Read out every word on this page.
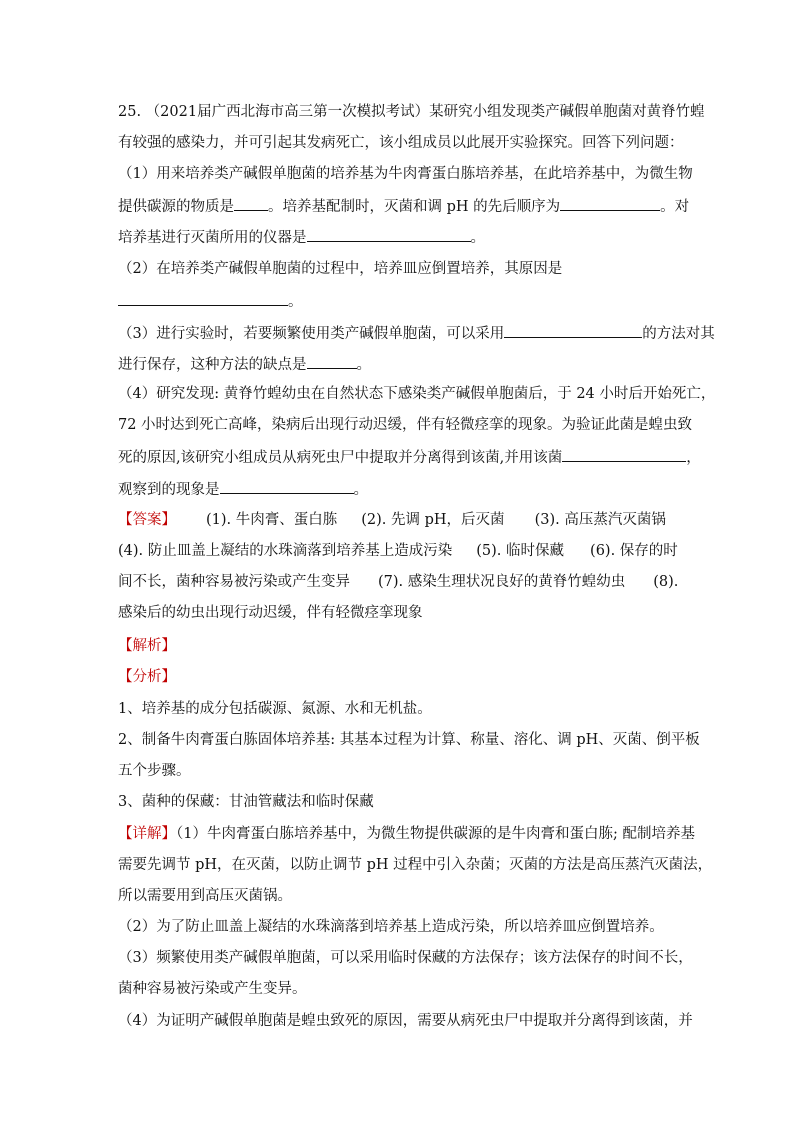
25. （2021届广西北海市高三第一次模拟考试）某研究小组发现类产碱假单胞菌对黄脊竹蝗
有较强的感染力，并可引起其发病死亡，该小组成员以此展开实验探究。回答下列问题：
（1）用来培养类产碱假单胞菌的培养基为牛肉膏蛋白胨培养基，在此培养基中，为微生物
提供碳源的物质是 。培养基配制时，灭菌和调 pH 的先后顺序为	。对
培养基进行灭菌所用的仪器是	。
（2）在培养类产碱假单胞菌的过程中，培养皿应倒置培养，其原因是
。
（3）进行实验时，若要频繁使用类产碱假单胞菌，可以采用	的方法对其
进行保存，这种方法的缺点是	。
（4）研究发现: 黄脊竹蝗幼虫在自然状态下感染类产碱假单胞菌后，于 24 小时后开始死亡，
72 小时达到死亡高峰，染病后出现行动迟缓，伴有轻微痉挛的现象。为验证此菌是蝗虫致
死的原因,该研究小组成员从病死虫尸中提取并分离得到该菌,并用该菌	，
观察到的现象是	。
【答案】 (1). 牛肉膏、蛋白胨 (2). 先调 pH，后灭菌 (3). 高压蒸汽灭菌锅
(4). 防止皿盖上凝结的水珠滴落到培养基上造成污染 (5). 临时保藏 (6). 保存的时
间不长，菌种容易被污染或产生变异 (7). 感染生理状况良好的黄脊竹蝗幼虫 (8).
感染后的幼虫出现行动迟缓，伴有轻微痉挛现象
【解析】
【分析】
1、培养基的成分包括碳源、氮源、水和无机盐。
2、制备牛肉膏蛋白胨固体培养基: 其基本过程为计算、称量、溶化、调 pH、灭菌、倒平板
五个步骤。
3、菌种的保藏：甘油管藏法和临时保藏
【详解】（1）牛肉膏蛋白胨培养基中，为微生物提供碳源的是牛肉膏和蛋白胨; 配制培养基
需要先调节 pH，在灭菌，以防止调节 pH 过程中引入杂菌；灭菌的方法是高压蒸汽灭菌法，
所以需要用到高压灭菌锅。
（2）为了防止皿盖上凝结的水珠滴落到培养基上造成污染，所以培养皿应倒置培养。
（3）频繁使用类产碱假单胞菌，可以采用临时保藏的方法保存；该方法保存的时间不长，
菌种容易被污染或产生变异。
（4）为证明产碱假单胞菌是蝗虫致死的原因，需要从病死虫尸中提取并分离得到该菌，并
